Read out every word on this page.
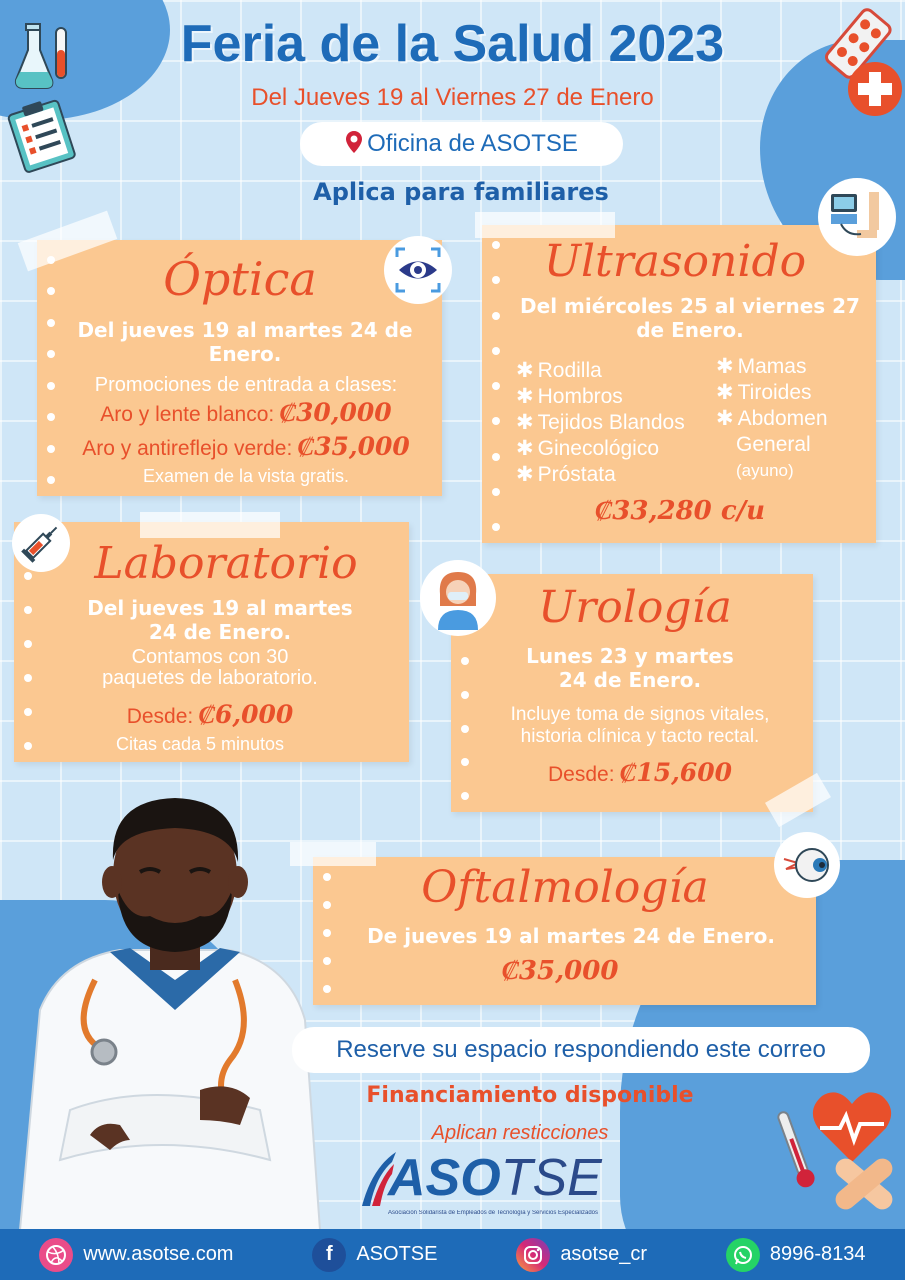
Feria de la Salud 2023
Del Jueves 19 al Viernes 27 de Enero
Oficina de ASOTSE
Aplica para familiares
Óptica
Del jueves 19 al martes 24 de Enero.
Promociones de entrada a clases:
Aro y lente blanco: ₡30,000
Aro y antireflejo verde: ₡35,000
Examen de la vista gratis.
Ultrasonido
Del miércoles 25 al viernes 27 de Enero.
✱ Rodilla
✱ Hombros
✱ Tejidos Blandos
✱ Ginecológico
✱ Próstata
✱ Mamas
✱ Tiroides
✱ Abdomen
General
(ayuno)
₡33,280 c/u
Laboratorio
Del jueves 19 al martes 24 de Enero.
Contamos con 30
paquetes de laboratorio.
Desde: ₡6,000
Citas cada 5 minutos
Urología
Lunes 23 y martes
24 de Enero.
Incluye toma de signos vitales,
historia clínica y tacto rectal.
Desde: ₡15,600
Oftalmología
De jueves 19 al martes 24 de Enero.
₡35,000
Reserve su espacio respondiendo este correo
Financiamiento disponible
Aplican resticciones
ASOTSE
Asociación Solidarista de Empleados de Tecnología y Servicios Especializados
www.asotse.com	f	ASOTSE	asotse_cr	8996-8134
